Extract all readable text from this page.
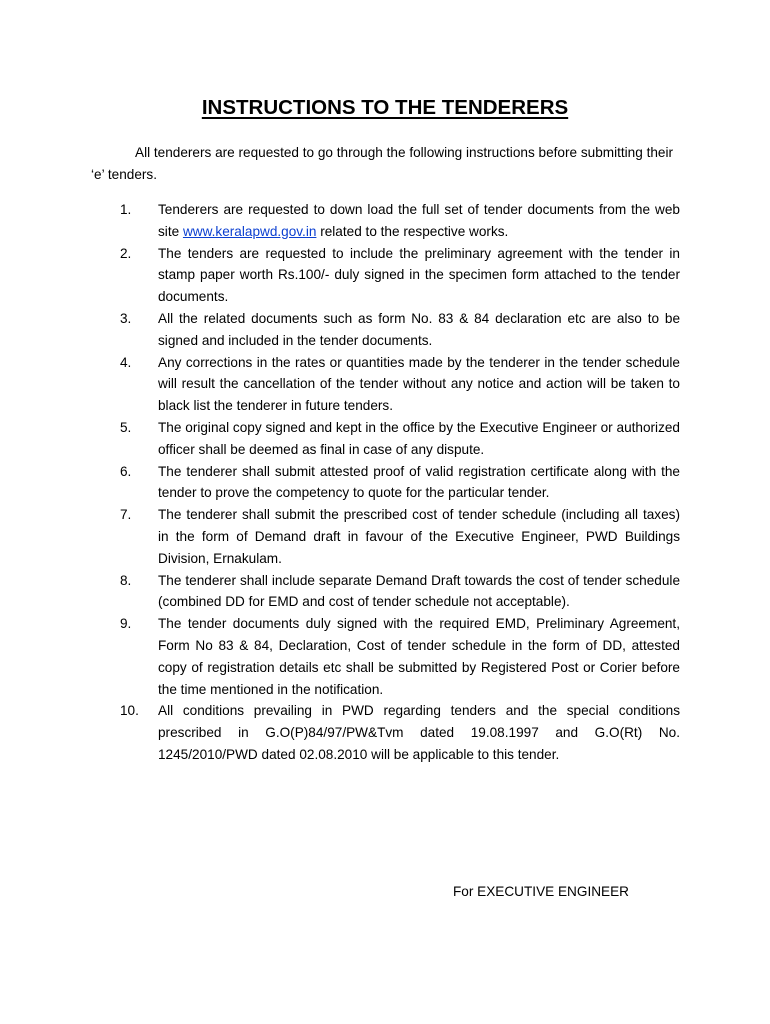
INSTRUCTIONS TO THE TENDERERS
All tenderers are requested to go through the following instructions before submitting their ‘e’ tenders.
1.	Tenderers are requested to down load the full set of tender documents from the web site www.keralapwd.gov.in related to the respective works.
2.	The tenders are requested to include the preliminary agreement with the tender in stamp paper worth Rs.100/- duly signed in the specimen form attached to the tender documents.
3.	All the related documents such as form No. 83 & 84 declaration etc are also to be signed and included in the tender documents.
4.	Any corrections in the rates or quantities made by the tenderer in the tender schedule will result the cancellation of the tender without any notice and action will be taken to black list the tenderer in future tenders.
5.	The original copy signed and kept in the office by the Executive Engineer or authorized officer shall be deemed as final in case of any dispute.
6.	The tenderer shall submit attested proof of valid registration certificate along with the tender to prove the competency to quote for the particular tender.
7.	The tenderer shall submit the prescribed cost of tender schedule (including all taxes) in the form of Demand draft in favour of the Executive Engineer, PWD Buildings Division, Ernakulam.
8.	The tenderer shall include separate Demand Draft towards the cost of tender schedule (combined DD for EMD and cost of tender schedule not acceptable).
9.	The tender documents duly signed with the required EMD, Preliminary Agreement, Form No 83 & 84, Declaration, Cost of tender schedule in the form of DD, attested copy of registration details etc shall be submitted by Registered Post or Corier before the time mentioned in the notification.
10.	All conditions prevailing in PWD regarding tenders and the special conditions prescribed in G.O(P)84/97/PW&Tvm dated 19.08.1997 and G.O(Rt) No. 1245/2010/PWD dated 02.08.2010 will be applicable to this tender.
For EXECUTIVE ENGINEER
